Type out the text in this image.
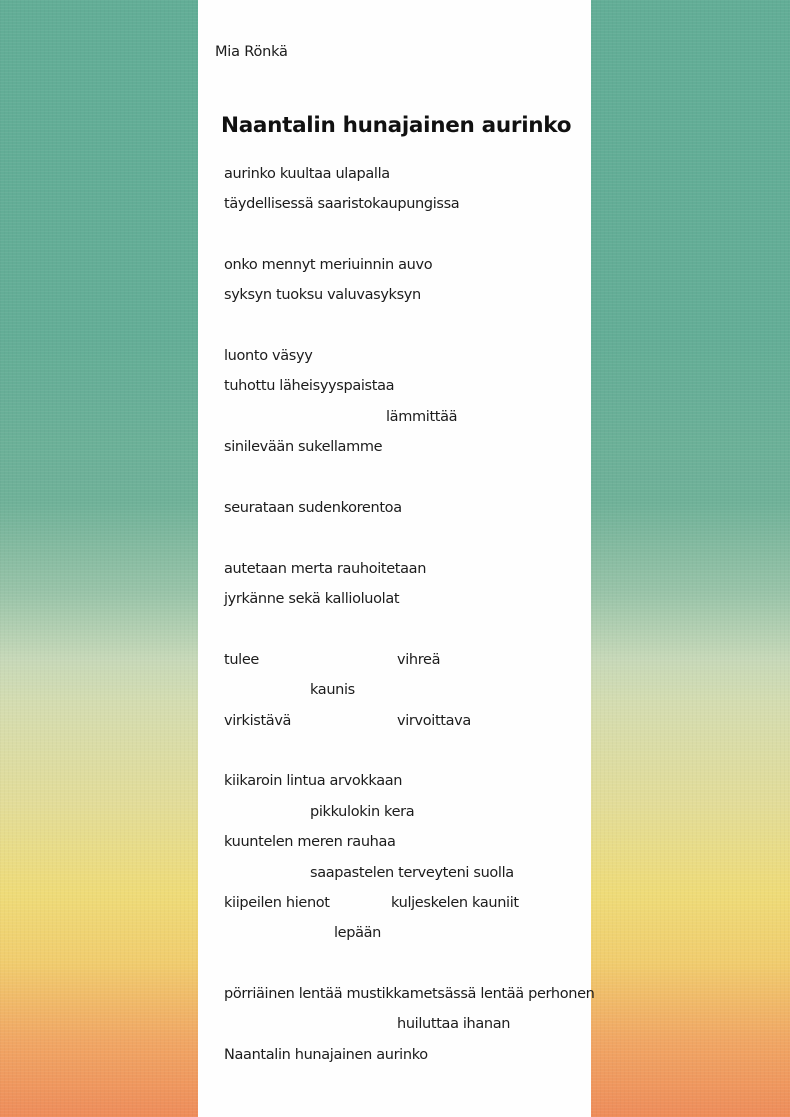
Mia Rönkä
Naantalin hunajainen aurinko
aurinko kuultaa ulapalla
täydellisessä saaristokaupungissa
onko mennyt meriuinnin auvo
syksyn tuoksu valuvasyksyn
luonto väsyy
tuhottu läheisyyspaistaa
lämmittää
sinilevään sukellamme
seurataan sudenkorentoa
autetaan merta rauhoitetaan
jyrkänne sekä kallioluolat
tulee	vihreä
kaunis
virkistävä	virvoittava
kiikaroin lintua arvokkaan
pikkulokin kera
kuuntelen meren rauhaa
saapastelen terveyteni suolla
kiipeilen hienot	kuljeskelen kauniit
lepään
pörriäinen lentää mustikkametsässä lentää perhonen
huiluttaa ihanan
Naantalin hunajainen aurinko
